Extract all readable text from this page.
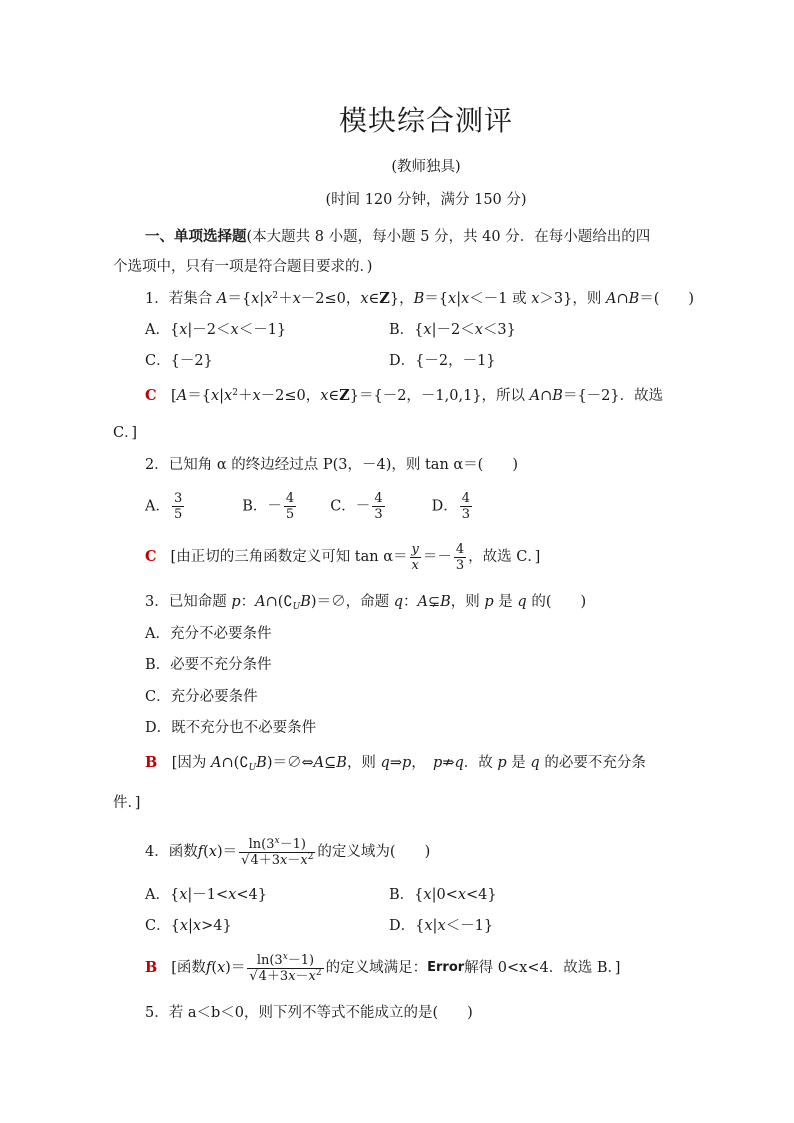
模块综合测评
(教师独具)
(时间 120 分钟，满分 150 分)
一、单项选择题(本大题共 8 小题，每小题 5 分，共 40 分．在每小题给出的四
个选项中，只有一项是符合题目要求的．)
1．若集合 $A=\{x|x^2+x-2\le 0$，x∈Z}，B＝{x|x＜－1 或 x＞3}，则 A∩B＝(　　)
A．{x|－2＜x＜－1}	B．{x|－2＜x＜3}
C．{－2}	D．{－2，－1}
C　[$A=\{x|x^2+x-2\le 0$，x∈Z}＝{－2，－1,0,1}，所以 A∩B＝{－2}．故选
C．]
2．已知角 α 的终边经过点 P(3，－4)，则 tan α＝(　　)
A． $\frac{3}{5}$	B．－ $\frac{4}{5}$ C．－ $\frac{4}{3}$	D． $\frac{4}{3}$
C [由正切的三角函数定义可知 $\tan \alpha= \frac{y}{x} =- \frac{4}{3}$ ，故选 C．]
3．已知命题 p：$A\cap(∁_UB)=\emptyset$，命题 q：A⊊B，则 p 是 q 的(　　)
A．充分不必要条件
B．必要不充分条件
C．充分必要条件
D．既不充分也不必要条件
B　[因为 $A\cap(∁_UB)=\emptyset\Leftrightarrow A⊆B$，则 q⇒p，　p⇏q．故 p 是 q 的必要不充分条
件．]
4．函数 f ( x )＝ $\frac{\ln(3^x-1)}{√4+3x-x^2}$ 的定义域为(　　)
A．{x|－1<x<4}	B．{x|0<x<4}
C．{x|x>4}	D．{x|x＜－1}
B [函数 f ( x )＝ $\frac{\ln(3^x-1)}{√4+3x-x^2}$ 的定义域满足： Error 解得 0<x<4．故选 B．]
5．若 a＜b＜0，则下列不等式不能成立的是(　　)
